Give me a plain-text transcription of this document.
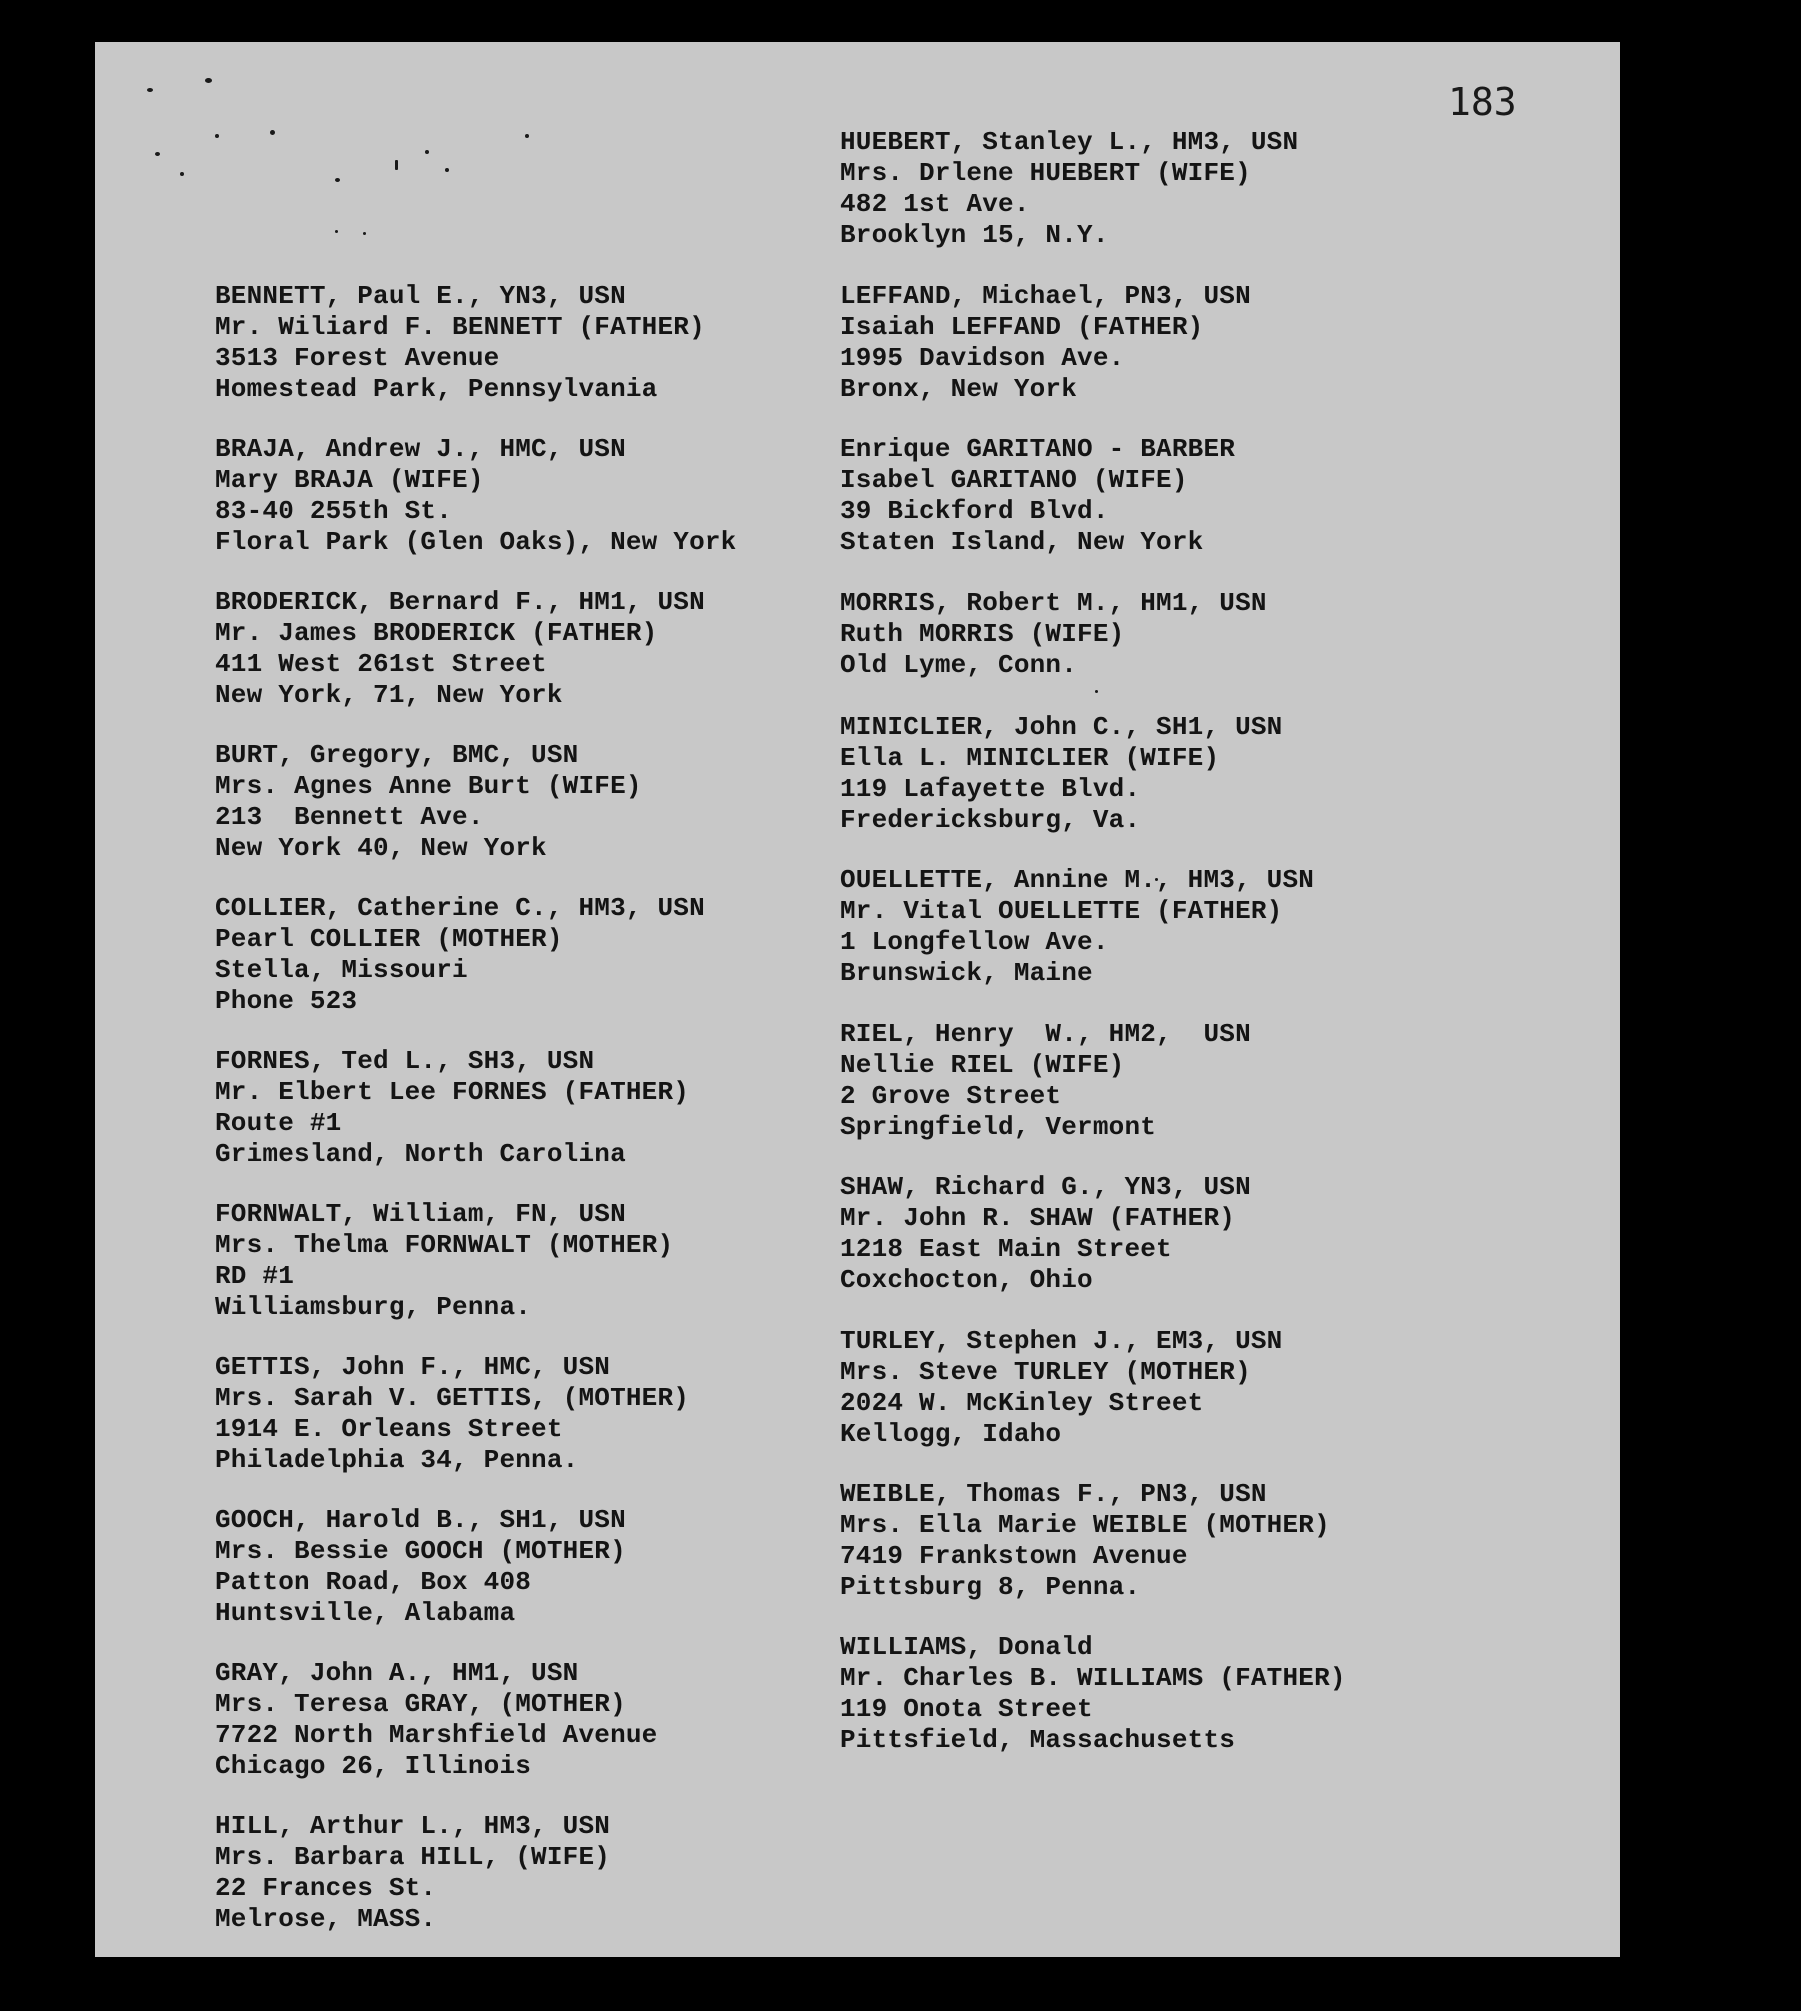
183
BENNETT, Paul E., YN3, USN
Mr. Wiliard F. BENNETT (FATHER)
3513 Forest Avenue
Homestead Park, Pennsylvania
BRAJA, Andrew J., HMC, USN
Mary BRAJA (WIFE)
83-40 255th St.
Floral Park (Glen Oaks), New York
BRODERICK, Bernard F., HM1, USN
Mr. James BRODERICK (FATHER)
411 West 261st Street
New York, 71, New York
BURT, Gregory, BMC, USN
Mrs. Agnes Anne Burt (WIFE)
213  Bennett Ave.
New York 40, New York
COLLIER, Catherine C., HM3, USN
Pearl COLLIER (MOTHER)
Stella, Missouri
Phone 523
FORNES, Ted L., SH3, USN
Mr. Elbert Lee FORNES (FATHER)
Route #1
Grimesland, North Carolina
FORNWALT, William, FN, USN
Mrs. Thelma FORNWALT (MOTHER)
RD #1
Williamsburg, Penna.
GETTIS, John F., HMC, USN
Mrs. Sarah V. GETTIS, (MOTHER)
1914 E. Orleans Street
Philadelphia 34, Penna.
GOOCH, Harold B., SH1, USN
Mrs. Bessie GOOCH (MOTHER)
Patton Road, Box 408
Huntsville, Alabama
GRAY, John A., HM1, USN
Mrs. Teresa GRAY, (MOTHER)
7722 North Marshfield Avenue
Chicago 26, Illinois
HILL, Arthur L., HM3, USN
Mrs. Barbara HILL, (WIFE)
22 Frances St.
Melrose, MASS.
HUEBERT, Stanley L., HM3, USN
Mrs. Drlene HUEBERT (WIFE)
482 1st Ave.
Brooklyn 15, N.Y.
LEFFAND, Michael, PN3, USN
Isaiah LEFFAND (FATHER)
1995 Davidson Ave.
Bronx, New York
Enrique GARITANO - BARBER
Isabel GARITANO (WIFE)
39 Bickford Blvd.
Staten Island, New York
MORRIS, Robert M., HM1, USN
Ruth MORRIS (WIFE)
Old Lyme, Conn.
MINICLIER, John C., SH1, USN
Ella L. MINICLIER (WIFE)
119 Lafayette Blvd.
Fredericksburg, Va.
OUELLETTE, Annine M., HM3, USN
Mr. Vital OUELLETTE (FATHER)
1 Longfellow Ave.
Brunswick, Maine
RIEL, Henry  W., HM2,  USN
Nellie RIEL (WIFE)
2 Grove Street
Springfield, Vermont
SHAW, Richard G., YN3, USN
Mr. John R. SHAW (FATHER)
1218 East Main Street
Coxchocton, Ohio
TURLEY, Stephen J., EM3, USN
Mrs. Steve TURLEY (MOTHER)
2024 W. McKinley Street
Kellogg, Idaho
WEIBLE, Thomas F., PN3, USN
Mrs. Ella Marie WEIBLE (MOTHER)
7419 Frankstown Avenue
Pittsburg 8, Penna.
WILLIAMS, Donald
Mr. Charles B. WILLIAMS (FATHER)
119 Onota Street
Pittsfield, Massachusetts
